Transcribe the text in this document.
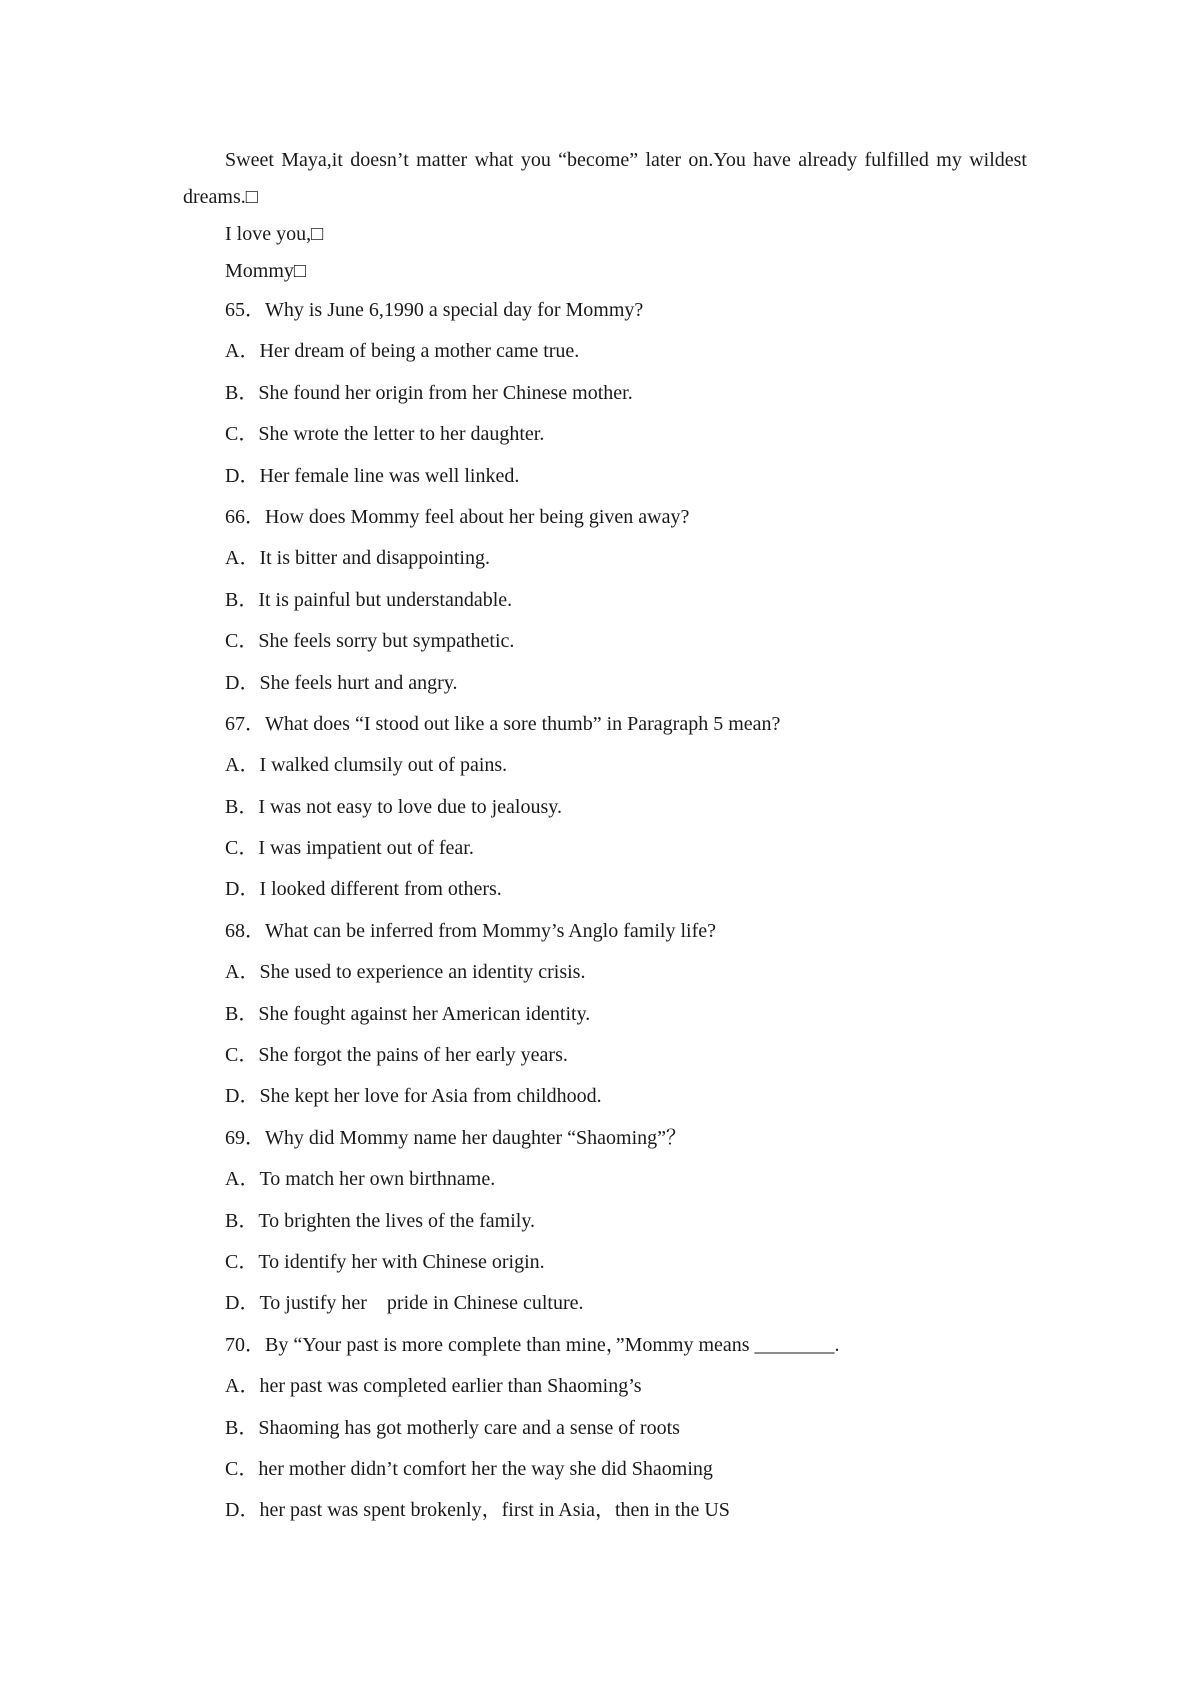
Sweet Maya,it doesn’t matter what you “become” later on.You have already fulfilled my wildest dreams.□

I love you,□

Mommy□

65．Why is June 6,1990 a special day for Mommy?

A．Her dream of being a mother came true.

B．She found her origin from her Chinese mother.

C．She wrote the letter to her daughter.

D．Her female line was well linked.

66．How does Mommy feel about her being given away?

A．It is bitter and disappointing.

B．It is painful but understandable.

C．She feels sorry but sympathetic.

D．She feels hurt and angry.

67．What does “I stood out like a sore thumb” in Paragraph 5 mean?

A．I walked clumsily out of pains.

B．I was not easy to love due to jealousy.

C．I was impatient out of fear.

D．I looked different from others.

68．What can be inferred from Mommy’s Anglo family life?

A．She used to experience an identity crisis.

B．She fought against her American identity.

C．She forgot the pains of her early years.

D．She kept her love for Asia from childhood.

69．Why did Mommy name her daughter “Shaoming”？

A．To match her own birthname.

B．To brighten the lives of the family.

C．To identify her with Chinese origin.

D．To justify her    pride in Chinese culture.

70．By “Your past is more complete than mine，”Mommy means ________.

A．her past was completed earlier than Shaoming’s

B．Shaoming has got motherly care and a sense of roots

C．her mother didn’t comfort her the way she did Shaoming

D．her past was spent brokenly，first in Asia，then in the US
